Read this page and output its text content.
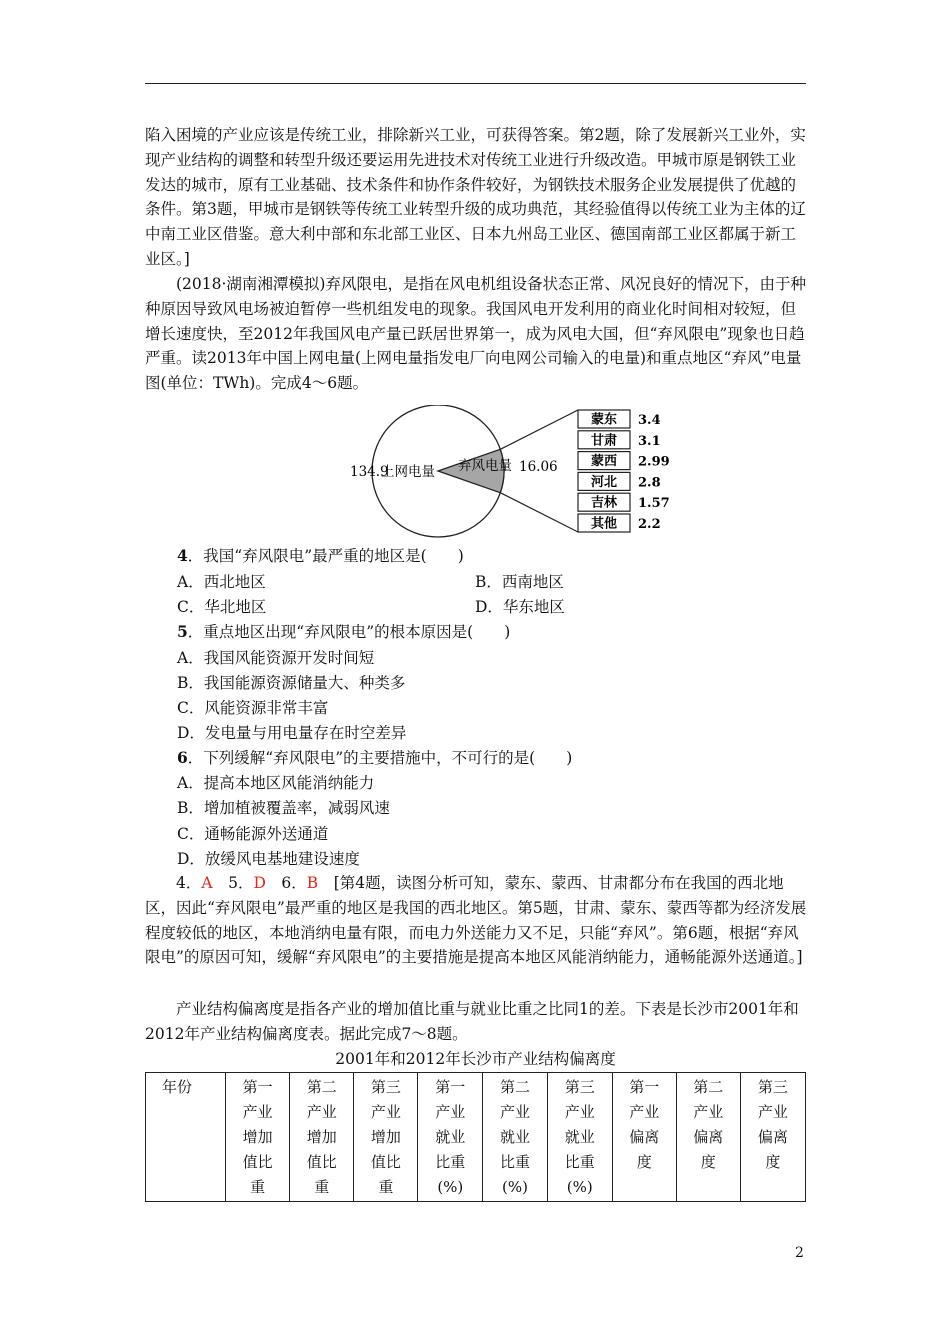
陷入困境的产业应该是传统工业，排除新兴工业，可获得答案。第2题，除了发展新兴工业外，实现产业结构的调整和转型升级还要运用先进技术对传统工业进行升级改造。甲城市原是钢铁工业发达的城市，原有工业基础、技术条件和协作条件较好，为钢铁技术服务企业发展提供了优越的条件。第3题，甲城市是钢铁等传统工业转型升级的成功典范，其经验值得以传统工业为主体的辽中南工业区借鉴。意大利中部和东北部工业区、日本九州岛工业区、德国南部工业区都属于新工业区。]

(2018·湖南湘潭模拟)弃风限电，是指在风电机组设备状态正常、风况良好的情况下，由于种种原因导致风电场被迫暂停一些机组发电的现象。我国风电开发利用的商业化时间相对较短，但增长速度快，至2012年我国风电产量已跃居世界第一，成为风电大国，但“弃风限电”现象也日趋严重。读2013年中国上网电量(上网电量指发电厂向电网公司输入的电量)和重点地区“弃风”电量图(单位：TWh)。完成4～6题。

134.9
上网电量 弃风电量 16.06
蒙东 3.4
甘肃 3.1
蒙西 2.99
河北 2.8
吉林 1.57
其他 2.2
4．我国“弃风限电”最严重的地区是(　　)
A．西北地区	B．西南地区
C．华北地区	D．华东地区
5．重点地区出现“弃风限电”的根本原因是(　　)
A．我国风能资源开发时间短
B．我国能源资源储量大、种类多
C．风能资源非常丰富
D．发电量与用电量存在时空差异
6．下列缓解“弃风限电”的主要措施中，不可行的是(　　)
A．提高本地区风能消纳能力
B．增加植被覆盖率，减弱风速
C．通畅能源外送通道
D．放缓风电基地建设速度

4．A　 5．D　 6．B　 [第4题，读图分析可知，蒙东、蒙西、甘肃都分布在我国的西北地区，因此“弃风限电”最严重的地区是我国的西北地区。第5题，甘肃、蒙东、蒙西等都为经济发展程度较低的地区，本地消纳电量有限，而电力外送能力又不足，只能“弃风”。第6题，根据“弃风限电”的原因可知，缓解“弃风限电”的主要措施是提高本地区风能消纳能力，通畅能源外送通道。]

产业结构偏离度是指各产业的增加值比重与就业比重之比同1的差。下表是长沙市2001年和2012年产业结构偏离度表。据此完成7～8题。

2001年和2012年长沙市产业结构偏离度
年份	第一
产业
增加
值比
重

第二
产业
增加
值比
重

第三
产业
增加
值比
重

第一
产业
就业
比重
(%)

第二
产业
就业
比重
(%)

第三
产业
就业
比重
(%)

第一
产业
偏离
度

第二
产业
偏离
度

第三
产业
偏离
度
2
